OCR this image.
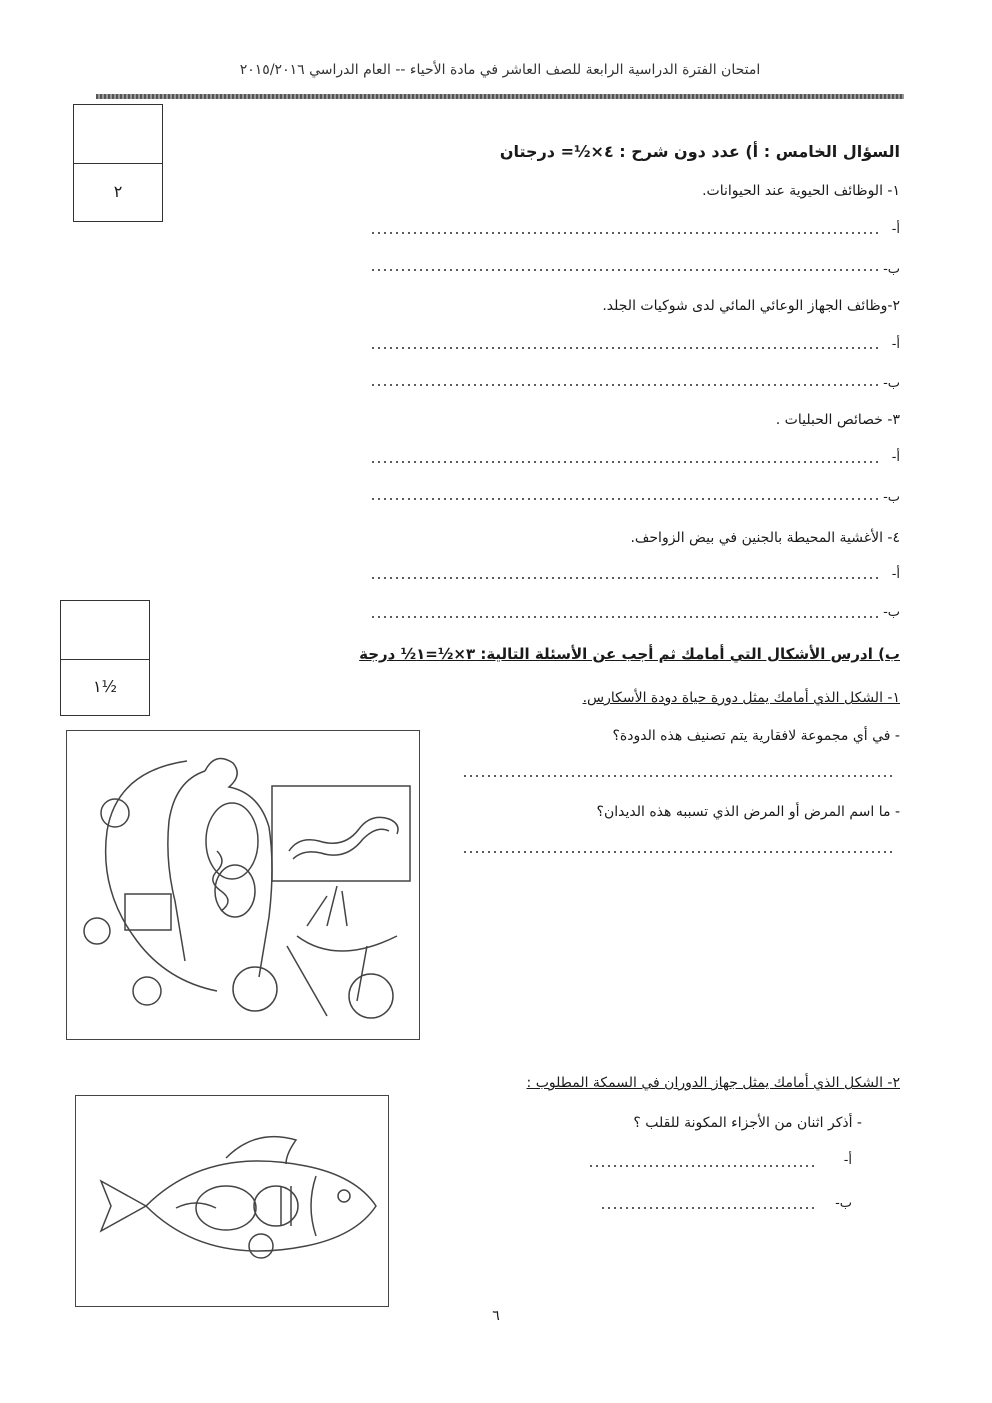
امتحان الفترة الدراسية الرابعة للصف العاشر في مادة الأحياء -- العام الدراسي ٢٠١٥/٢٠١٦
٢
السؤال الخامس : أ) عدد دون شرح : ٤×½= درجتان
١- الوظائف الحيوية عند الحيوانات.
أ-
ب-
٢-وظائف الجهاز الوعائي المائي لدى شوكيات الجلد.
أ-
ب-
٣- خصائص الحبليات .
أ-
ب-
٤- الأغشية المحيطة بالجنين في بيض الزواحف.
أ-
ب-
١½
ب) ادرس الأشكال التي أمامك ثم أجب عن الأسئلة التالية: ٣×½=١½ درجة
١- الشكل الذي أمامك يمثل دورة حياة دودة الأسكارس.
- في أي مجموعة لافقارية يتم تصنيف هذه الدودة؟
- ما اسم المرض أو المرض الذي تسببه هذه الديدان؟
٢- الشكل الذي أمامك يمثل جهاز الدوران في السمكة المطلوب :
- أذكر اثنان من الأجزاء المكونة للقلب ؟
أ-
ب-
٦
